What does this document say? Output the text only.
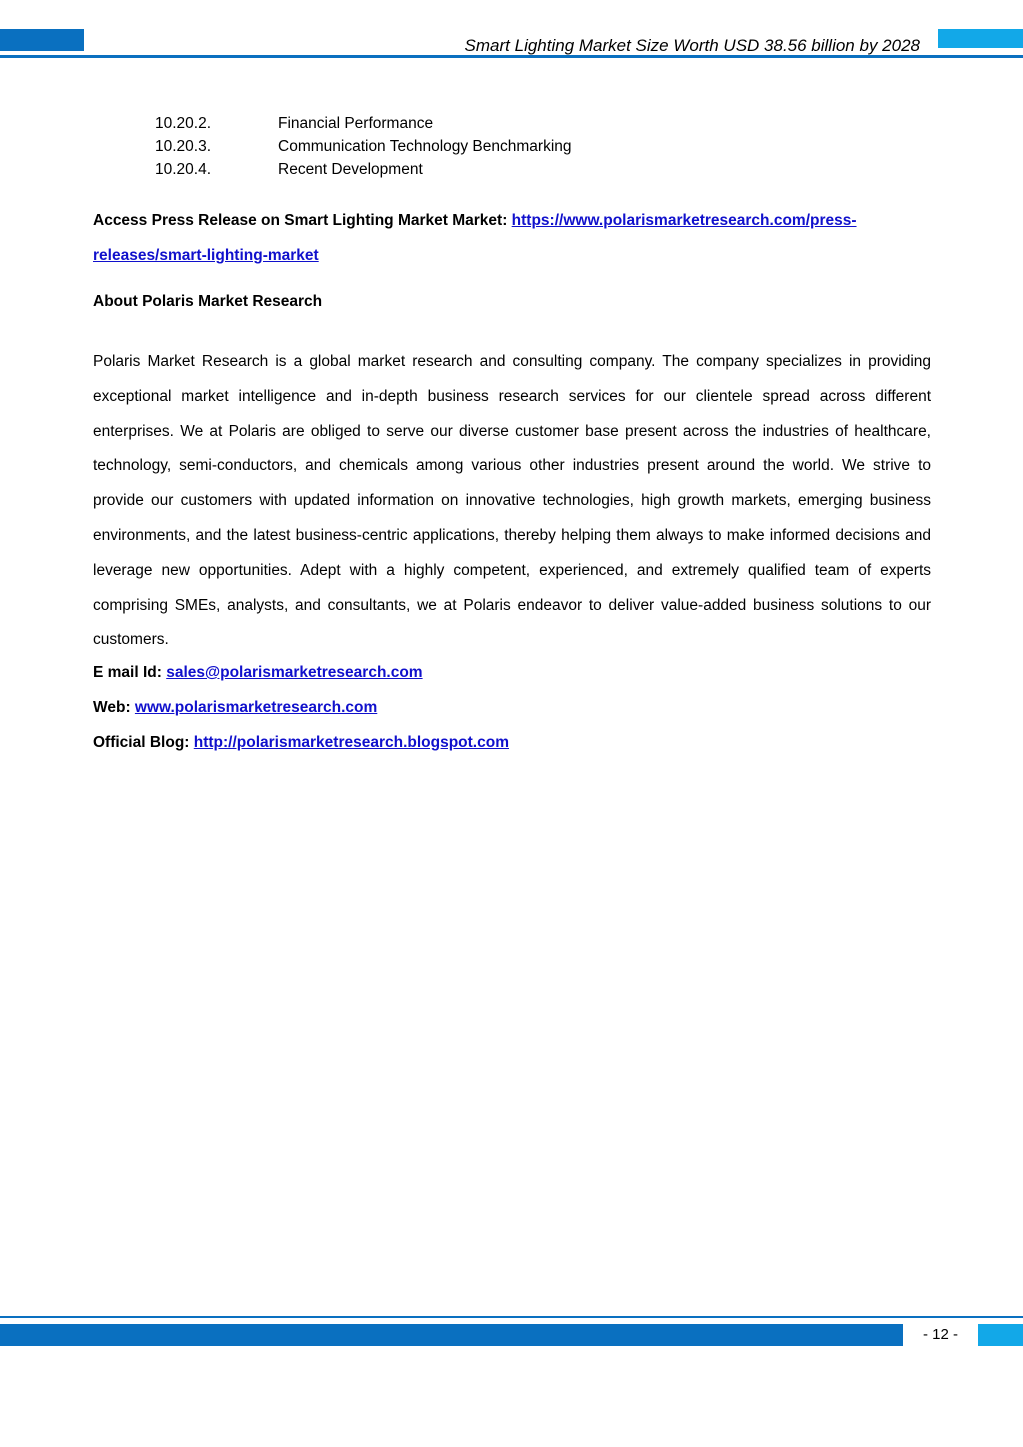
Smart Lighting Market Size Worth USD 38.56 billion by 2028
10.20.2.	Financial Performance
10.20.3.	Communication Technology Benchmarking
10.20.4.	Recent Development
Access Press Release on Smart Lighting Market Market: https://www.polarismarketresearch.com/press-releases/smart-lighting-market
About Polaris Market Research
Polaris Market Research is a global market research and consulting company. The company specializes in providing exceptional market intelligence and in-depth business research services for our clientele spread across different enterprises. We at Polaris are obliged to serve our diverse customer base present across the industries of healthcare, technology, semi-conductors, and chemicals among various other industries present around the world. We strive to provide our customers with updated information on innovative technologies, high growth markets, emerging business environments, and the latest business-centric applications, thereby helping them always to make informed decisions and leverage new opportunities. Adept with a highly competent, experienced, and extremely qualified team of experts comprising SMEs, analysts, and consultants, we at Polaris endeavor to deliver value-added business solutions to our customers.
E mail Id: sales@polarismarketresearch.com
Web: www.polarismarketresearch.com
Official Blog: http://polarismarketresearch.blogspot.com
- 12 -
